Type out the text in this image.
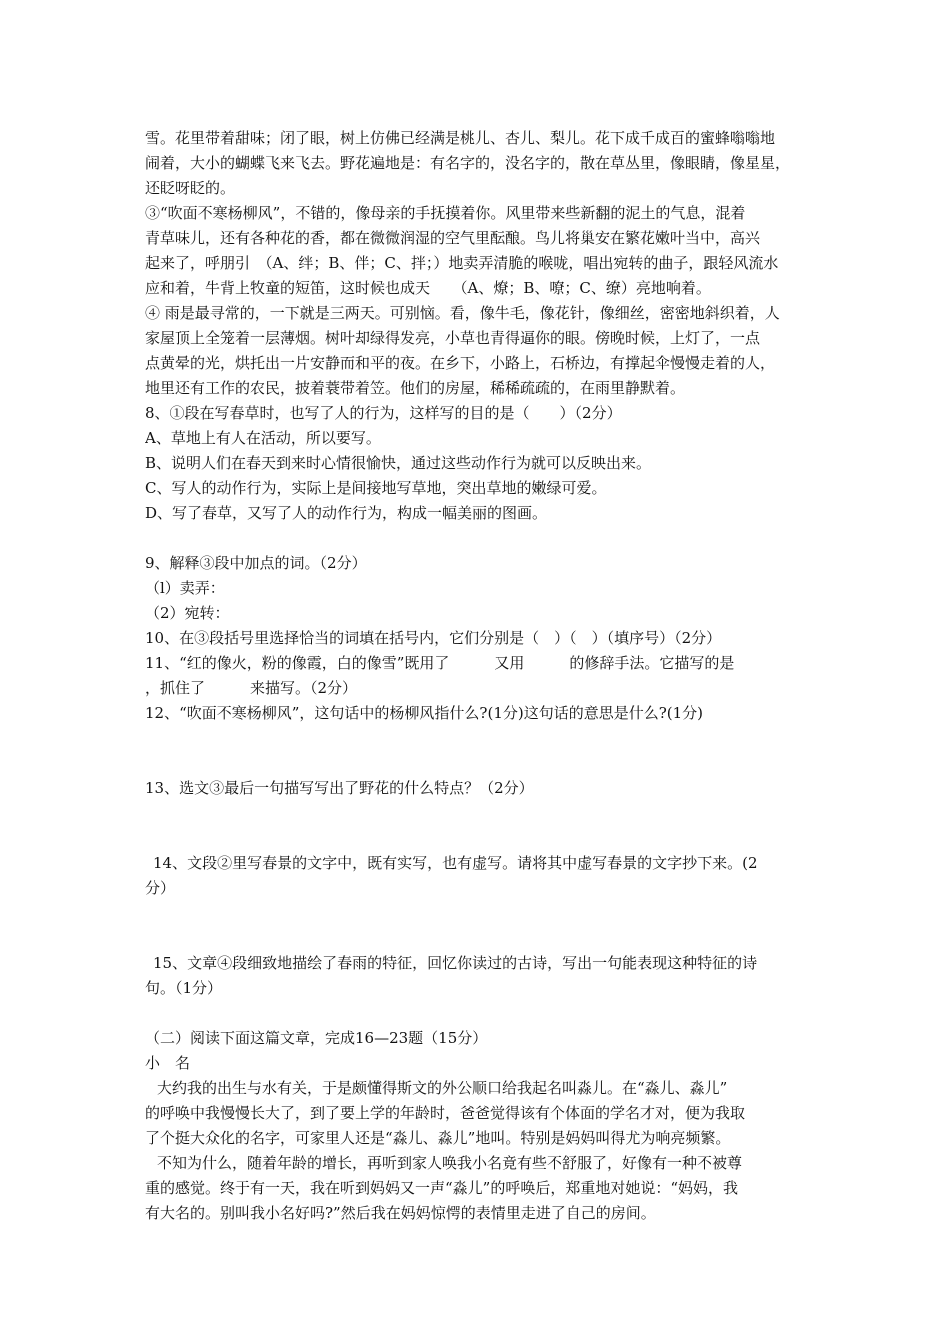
雪。花里带着甜味；闭了眼，树上仿佛已经满是桃儿、杏儿、梨儿。花下成千成百的蜜蜂嗡嗡地
闹着，大小的蝴蝶飞来飞去。野花遍地是：有名字的，没名字的，散在草丛里，像眼睛，像星星，
还眨呀眨的。
③“吹面不寒杨柳风”，不错的，像母亲的手抚摸着你。风里带来些新翻的泥土的气息，混着
青草味儿，还有各种花的香，都在微微润湿的空气里酝酿。鸟儿将巢安在繁花嫩叶当中，高兴
起来了，呼朋引　（A、绊；B、伴；C、拌；）地卖弄清脆的喉咙，唱出宛转的曲子，跟轻风流水
应和着，牛背上牧童的短笛，这时候也成天　　（A、燎；B、嘹；C、缭）亮地响着。
④ 雨是最寻常的，一下就是三两天。可别恼。看，像牛毛，像花针，像细丝，密密地斜织着，人
家屋顶上全笼着一层薄烟。树叶却绿得发亮，小草也青得逼你的眼。傍晚时候，上灯了，一点
点黄晕的光，烘托出一片安静而和平的夜。在乡下，小路上，石桥边，有撑起伞慢慢走着的人，
地里还有工作的农民，披着蓑带着笠。他们的房屋，稀稀疏疏的，在雨里静默着。
8、①段在写春草时，也写了人的行为，这样写的目的是（　　）（2分）
A、草地上有人在活动，所以要写。
B、说明人们在春天到来时心情很愉快，通过这些动作行为就可以反映出来。
C、写人的动作行为，实际上是间接地写草地，突出草地的嫩绿可爱。
D、写了春草，又写了人的动作行为，构成一幅美丽的图画。
9、解释③段中加点的词。（2分）
（l）卖弄：
（2）宛转：
10、在③段括号里选择恰当的词填在括号内，它们分别是（　）（　）（填序号）（2分）
11、“红的像火，粉的像霞，白的像雪”既用了　　　又用　　　的修辞手法。它描写的是
，抓住了　　　来描写。（2分）
12、“吹面不寒杨柳风”，这句话中的杨柳风指什么?(1分)这句话的意思是什么?(1分)
13、选文③最后一句描写写出了野花的什么特点？（2分）
14、文段②里写春景的文字中，既有实写，也有虚写。请将其中虚写春景的文字抄下来。(2
分）
15、文章④段细致地描绘了春雨的特征，回忆你读过的古诗，写出一句能表现这种特征的诗
句。（1分）
（二）阅读下面这篇文章，完成16—23题（15分）
小　名
大约我的出生与水有关，于是颇懂得斯文的外公顺口给我起名叫淼儿。在“淼儿、淼儿”
的呼唤中我慢慢长大了，到了要上学的年龄时，爸爸觉得该有个体面的学名才对，便为我取
了个挺大众化的名字，可家里人还是“淼儿、淼儿”地叫。特别是妈妈叫得尤为响亮频繁。
不知为什么，随着年龄的增长，再听到家人唤我小名竟有些不舒服了，好像有一种不被尊
重的感觉。终于有一天，我在听到妈妈又一声“淼儿”的呼唤后，郑重地对她说：“妈妈，我
有大名的。别叫我小名好吗?”然后我在妈妈惊愕的表情里走进了自己的房间。
